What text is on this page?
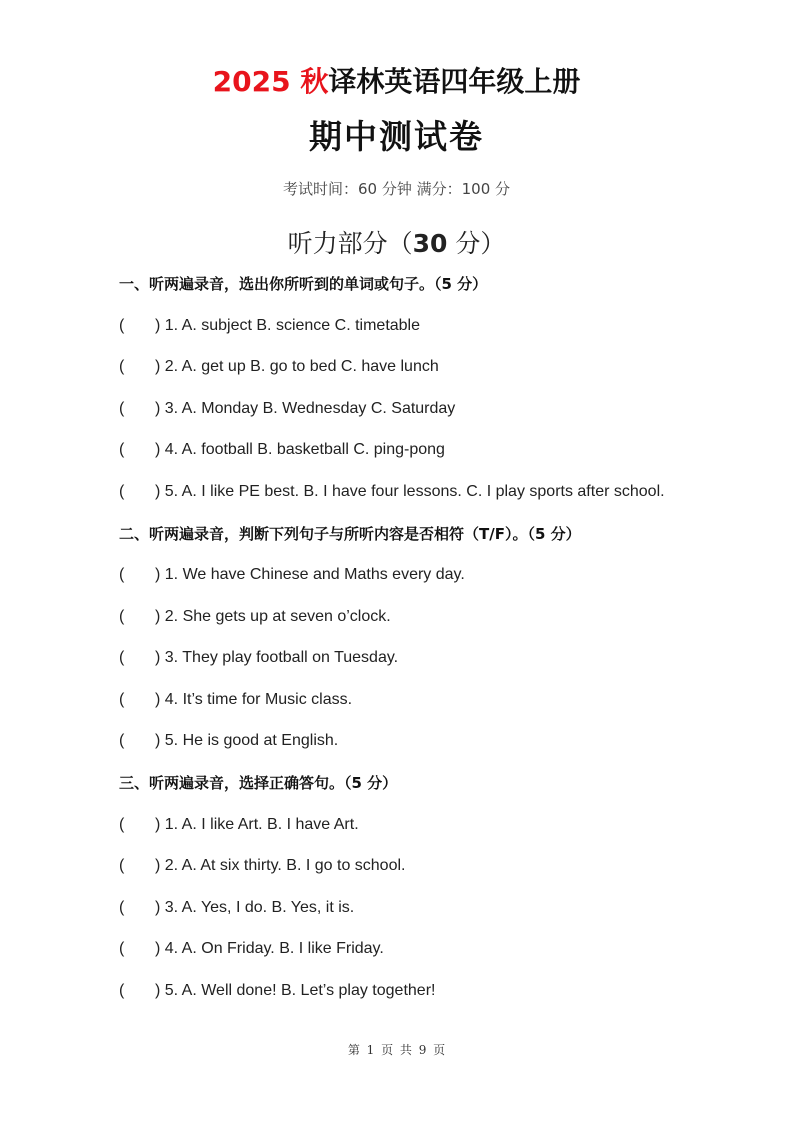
2025 秋译林英语四年级上册
期中测试卷
考试时间：60 分钟 满分：100 分
听力部分（30 分）
一、听两遍录音，选出你所听到的单词或句子。（5 分）
( ) 1. A. subject B. science C. timetable
( ) 2. A. get up B. go to bed C. have lunch
( ) 3. A. Monday B. Wednesday C. Saturday
( ) 4. A. football B. basketball C. ping-pong
( ) 5. A. I like PE best. B. I have four lessons. C. I play sports after school.
二、听两遍录音，判断下列句子与所听内容是否相符（T/F）。（5 分）
( ) 1. We have Chinese and Maths every day.
( ) 2. She gets up at seven o’clock.
( ) 3. They play football on Tuesday.
( ) 4. It’s time for Music class.
( ) 5. He is good at English.
三、听两遍录音，选择正确答句。（5 分）
( ) 1. A. I like Art. B. I have Art.
( ) 2. A. At six thirty. B. I go to school.
( ) 3. A. Yes, I do. B. Yes, it is.
( ) 4. A. On Friday. B. I like Friday.
( ) 5. A. Well done! B. Let’s play together!
第 1 页 共 9 页
